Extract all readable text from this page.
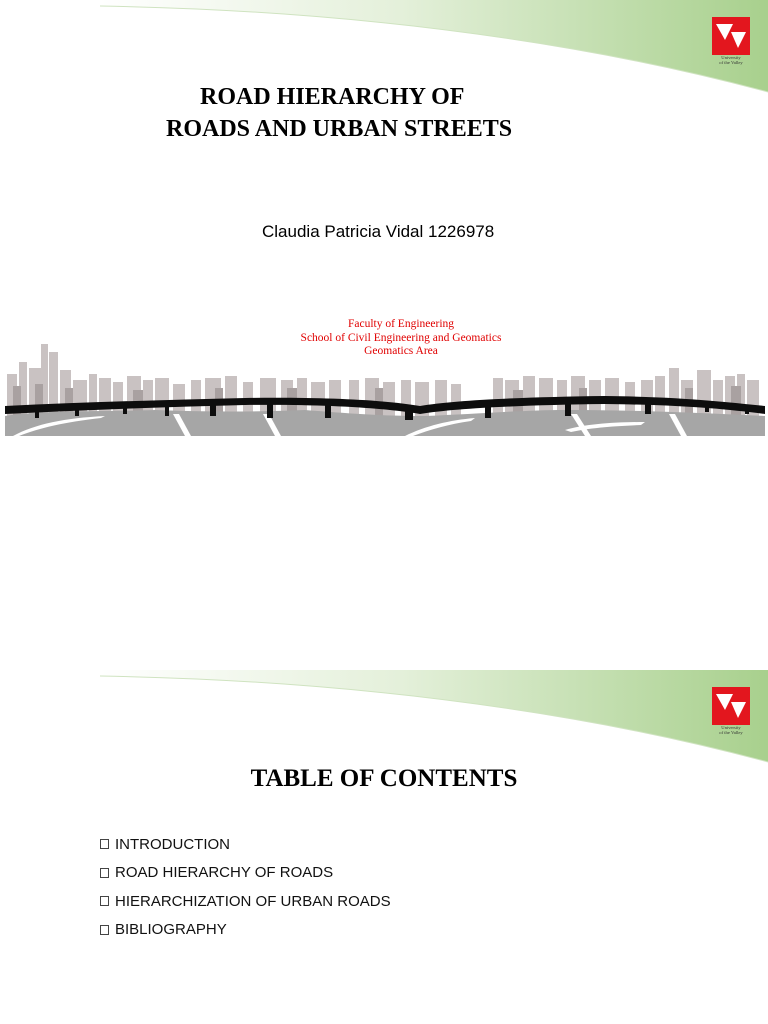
University
of the Valley
ROAD HIERARCHY OF
ROADS AND URBAN STREETS
Claudia Patricia Vidal 1226978
Faculty of Engineering
School of Civil Engineering and Geomatics
Geomatics Area
University
of the Valley
TABLE OF CONTENTS
INTRODUCTION
ROAD HIERARCHY OF ROADS
HIERARCHIZATION OF URBAN ROADS
BIBLIOGRAPHY
